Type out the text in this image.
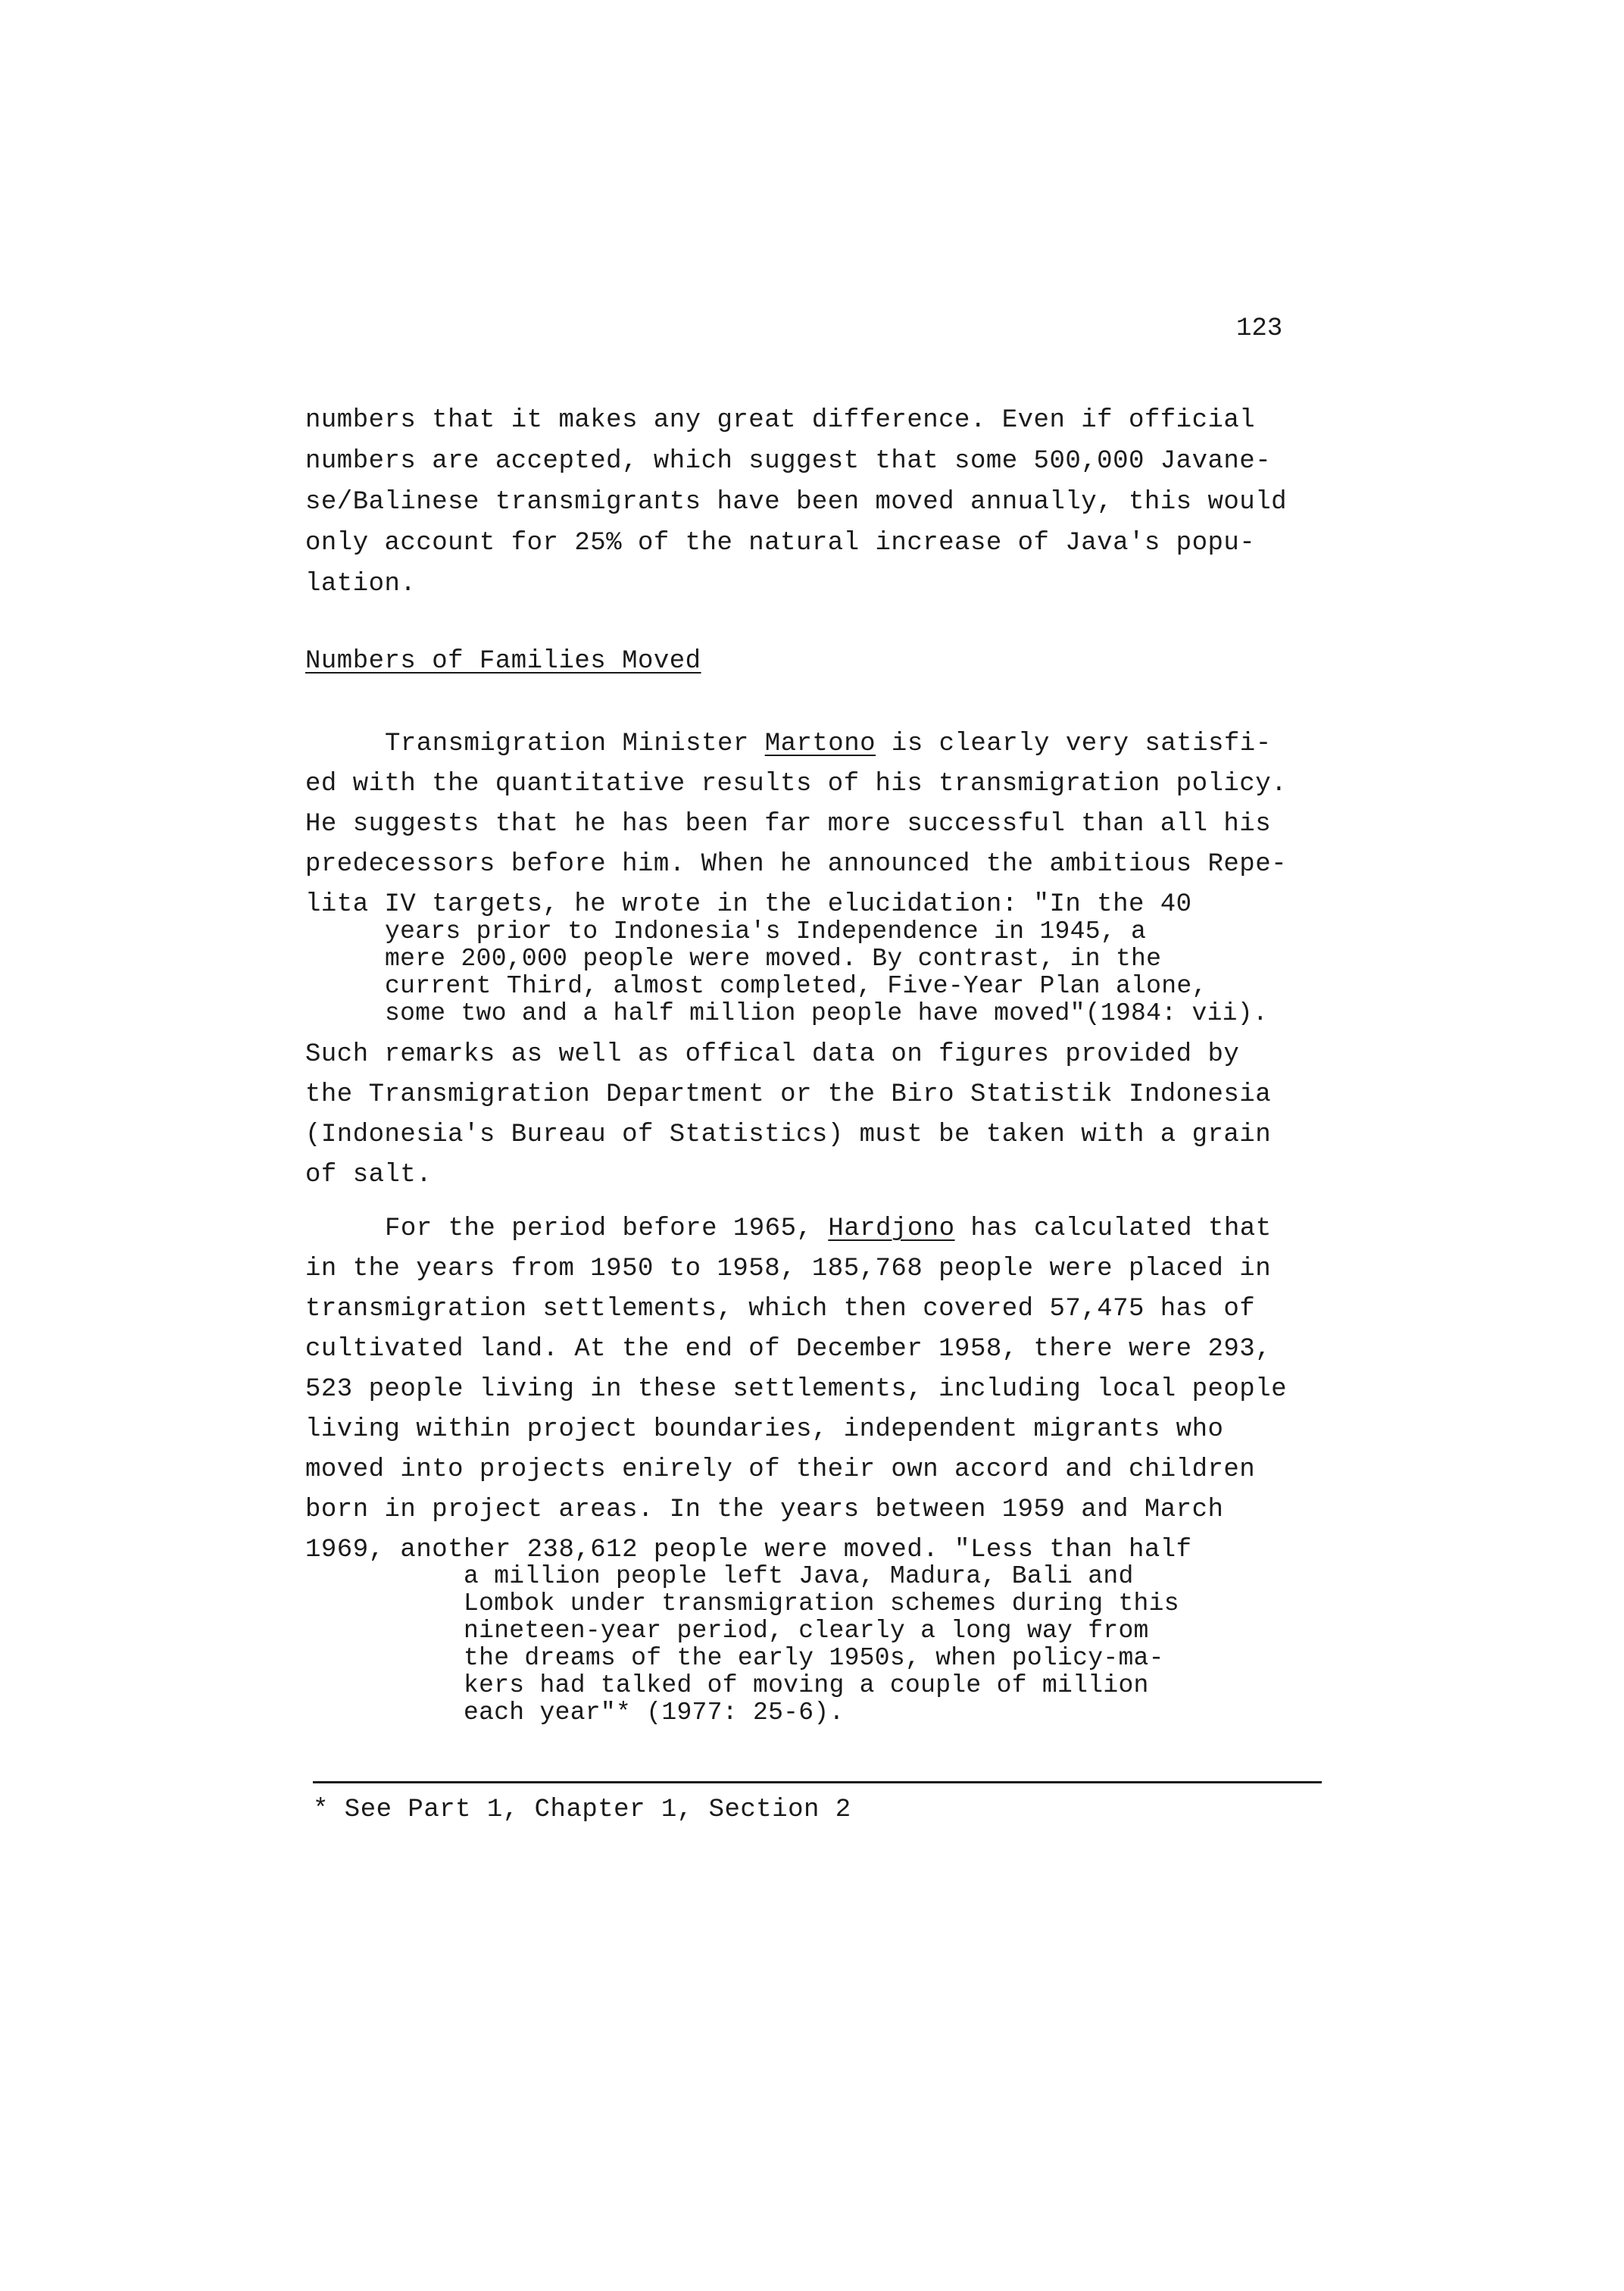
123
numbers that it makes any great difference. Even if official
numbers are accepted, which suggest that some 500,000 Javane-
se/Balinese transmigrants have been moved annually, this would
only account for 25% of the natural increase of Java's popu-
lation.
Numbers of Families Moved
Transmigration Minister Martono is clearly very satisfi-
ed with the quantitative results of his transmigration policy.
He suggests that he has been far more successful than all his
predecessors before him. When he announced the ambitious Repe-
lita IV targets, he wrote in the elucidation: "In the 40
years prior to Indonesia's Independence in 1945, a
mere 200,000 people were moved. By contrast, in the
current Third, almost completed, Five-Year Plan alone,
some two and a half million people have moved"(1984: vii).
Such remarks as well as offical data on figures provided by
the Transmigration Department or the Biro Statistik Indonesia
(Indonesia's Bureau of Statistics) must be taken with a grain
of salt.
For the period before 1965, Hardjono has calculated that
in the years from 1950 to 1958, 185,768 people were placed in
transmigration settlements, which then covered 57,475 has of
cultivated land. At the end of December 1958, there were 293,
523 people living in these settlements, including local people
living within project boundaries, independent migrants who
moved into projects enirely of their own accord and children
born in project areas. In the years between 1959 and March
1969, another 238,612 people were moved. "Less than half
a million people left Java, Madura, Bali and
Lombok under transmigration schemes during this
nineteen-year period, clearly a long way from
the dreams of the early 1950s, when policy-ma-
kers had talked of moving a couple of million
each year"* (1977: 25-6).
* See Part 1, Chapter 1, Section 2
